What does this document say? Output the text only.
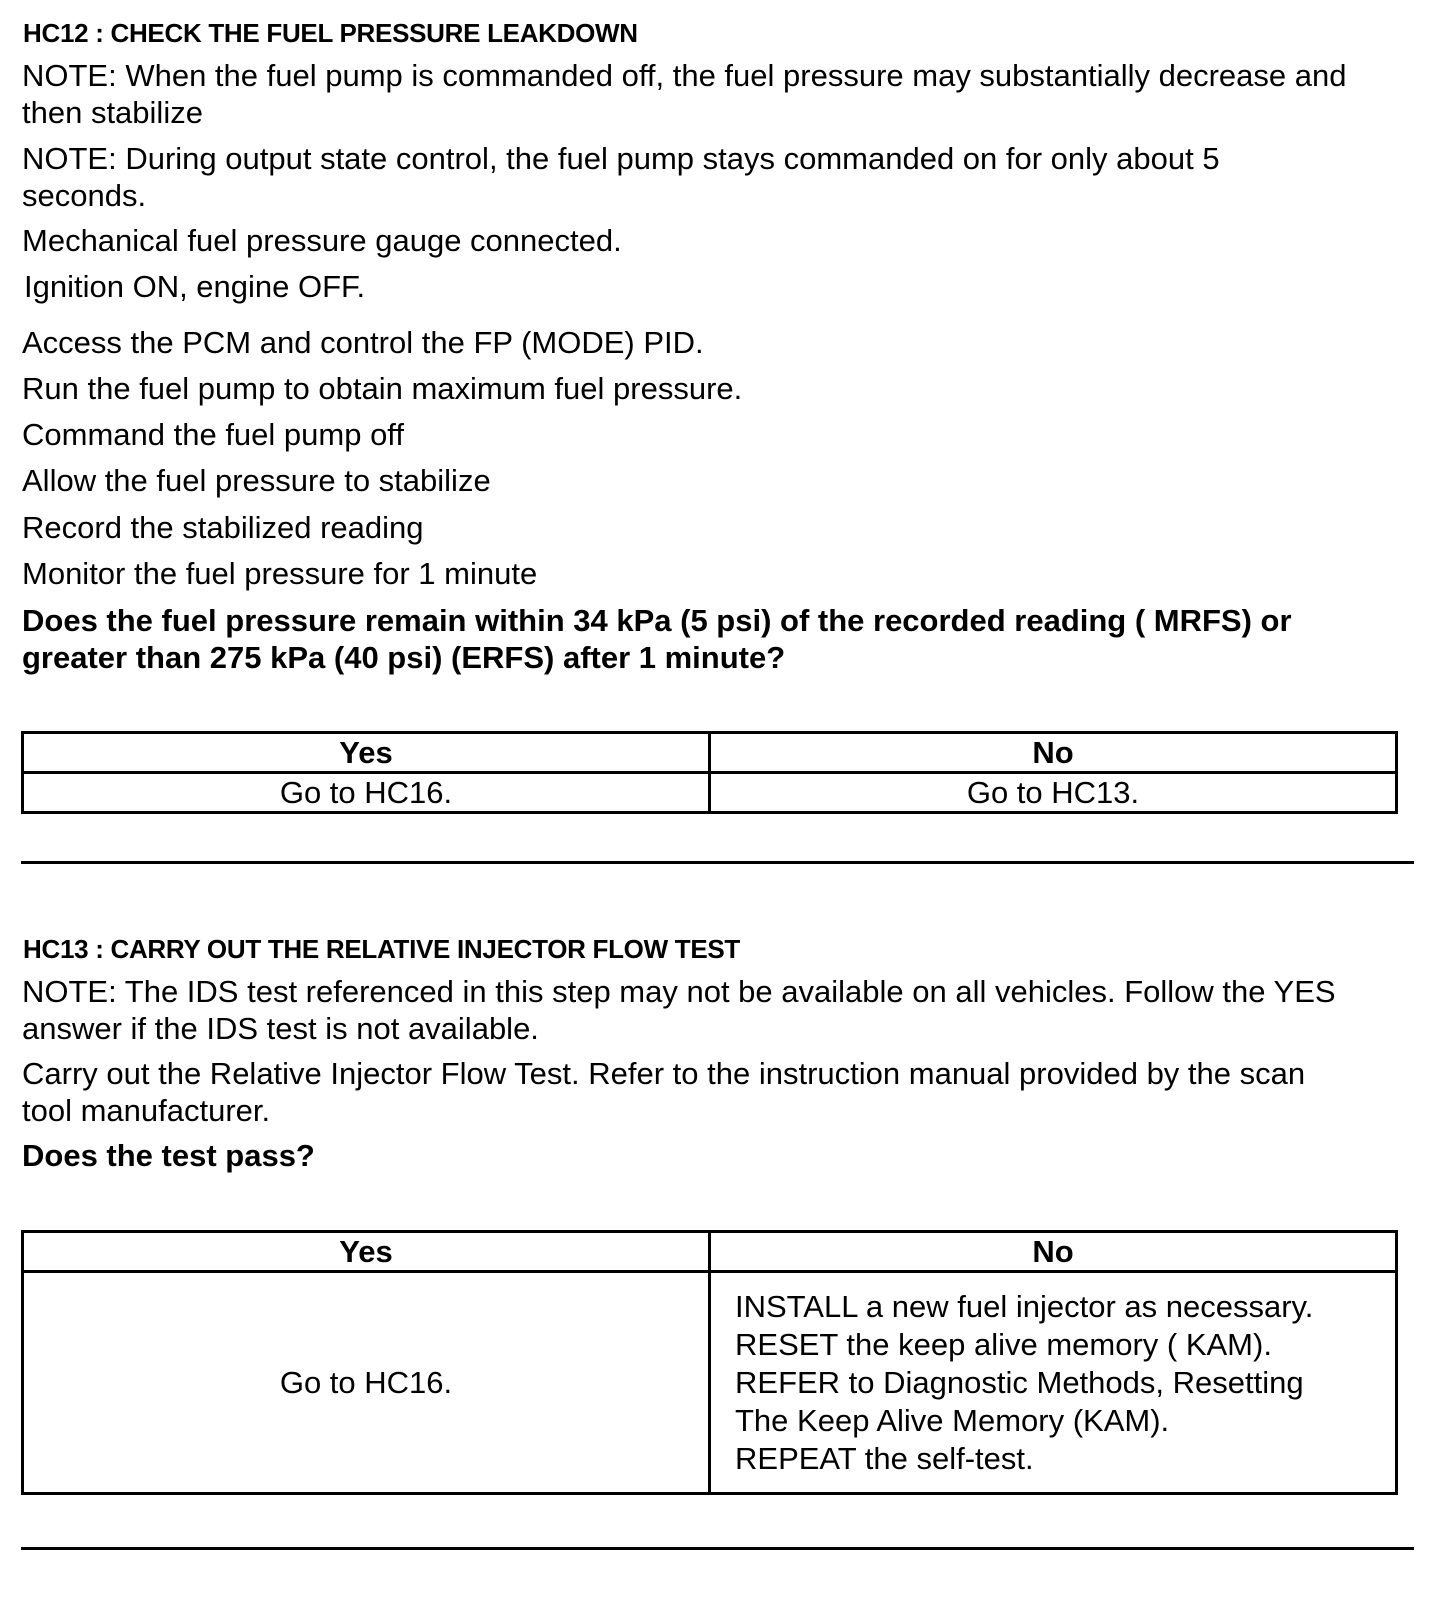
HC12 : CHECK THE FUEL PRESSURE LEAKDOWN
NOTE: When the fuel pump is commanded off, the fuel pressure may substantially decrease and then stabilize
NOTE: During output state control, the fuel pump stays commanded on for only about 5 seconds.
Mechanical fuel pressure gauge connected.
Ignition ON, engine OFF.
Access the PCM and control the FP (MODE) PID.
Run the fuel pump to obtain maximum fuel pressure.
Command the fuel pump off
Allow the fuel pressure to stabilize
Record the stabilized reading
Monitor the fuel pressure for 1 minute
Does the fuel pressure remain within 34 kPa (5 psi) of the recorded reading ( MRFS) or greater than 275 kPa (40 psi) (ERFS) after 1 minute?
Yes	No
Go to HC16.	Go to HC13.
HC13 : CARRY OUT THE RELATIVE INJECTOR FLOW TEST
NOTE: The IDS test referenced in this step may not be available on all vehicles. Follow the YES answer if the IDS test is not available.
Carry out the Relative Injector Flow Test. Refer to the instruction manual provided by the scan tool manufacturer.
Does the test pass?
Yes	No
Go to HC16.	INSTALL a new fuel injector as necessary.
RESET the keep alive memory ( KAM).
REFER to Diagnostic Methods, Resetting
The Keep Alive Memory (KAM).
REPEAT the self-test.
